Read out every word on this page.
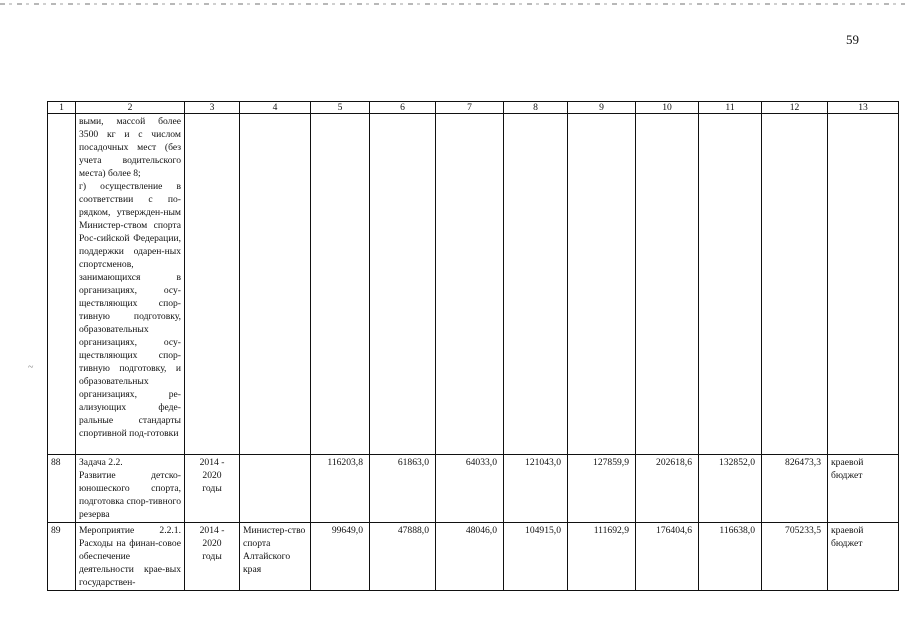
59
~
1	2	3	4	5	6	7	8	9	10	11	12	13
	выми, массой более 3500 кг и с числом посадочных мест (без учета водительского места) более 8;
г) осуществление в соответствии с по-рядком, утвержден-ным Министер-ством спорта Рос-сийской Федерации, поддержки одарен-ных спортсменов, занимающихся в организациях, осу-ществляющих спор-тивную подготовку, образовательных организациях, осу-ществляющих спор-тивную подготовку, и образовательных организациях, ре-ализующих феде-ральные стандарты спортивной под-готовки											
88	Задача 2.2.
Развитие детско-юношеского спорта, подготовка спор-тивного резерва	2014 -
2020
годы		116203,8	61863,0	64033,0	121043,0	127859,9	202618,6	132852,0	826473,3	краевой бюджет
89	Мероприятие 2.2.1. Расходы на финан-совое обеспечение деятельности крае-вых государствен-	2014 -
2020
годы	Министер-ство спорта Алтайского края	99649,0	47888,0	48046,0	104915,0	111692,9	176404,6	116638,0	705233,5	краевой бюджет
